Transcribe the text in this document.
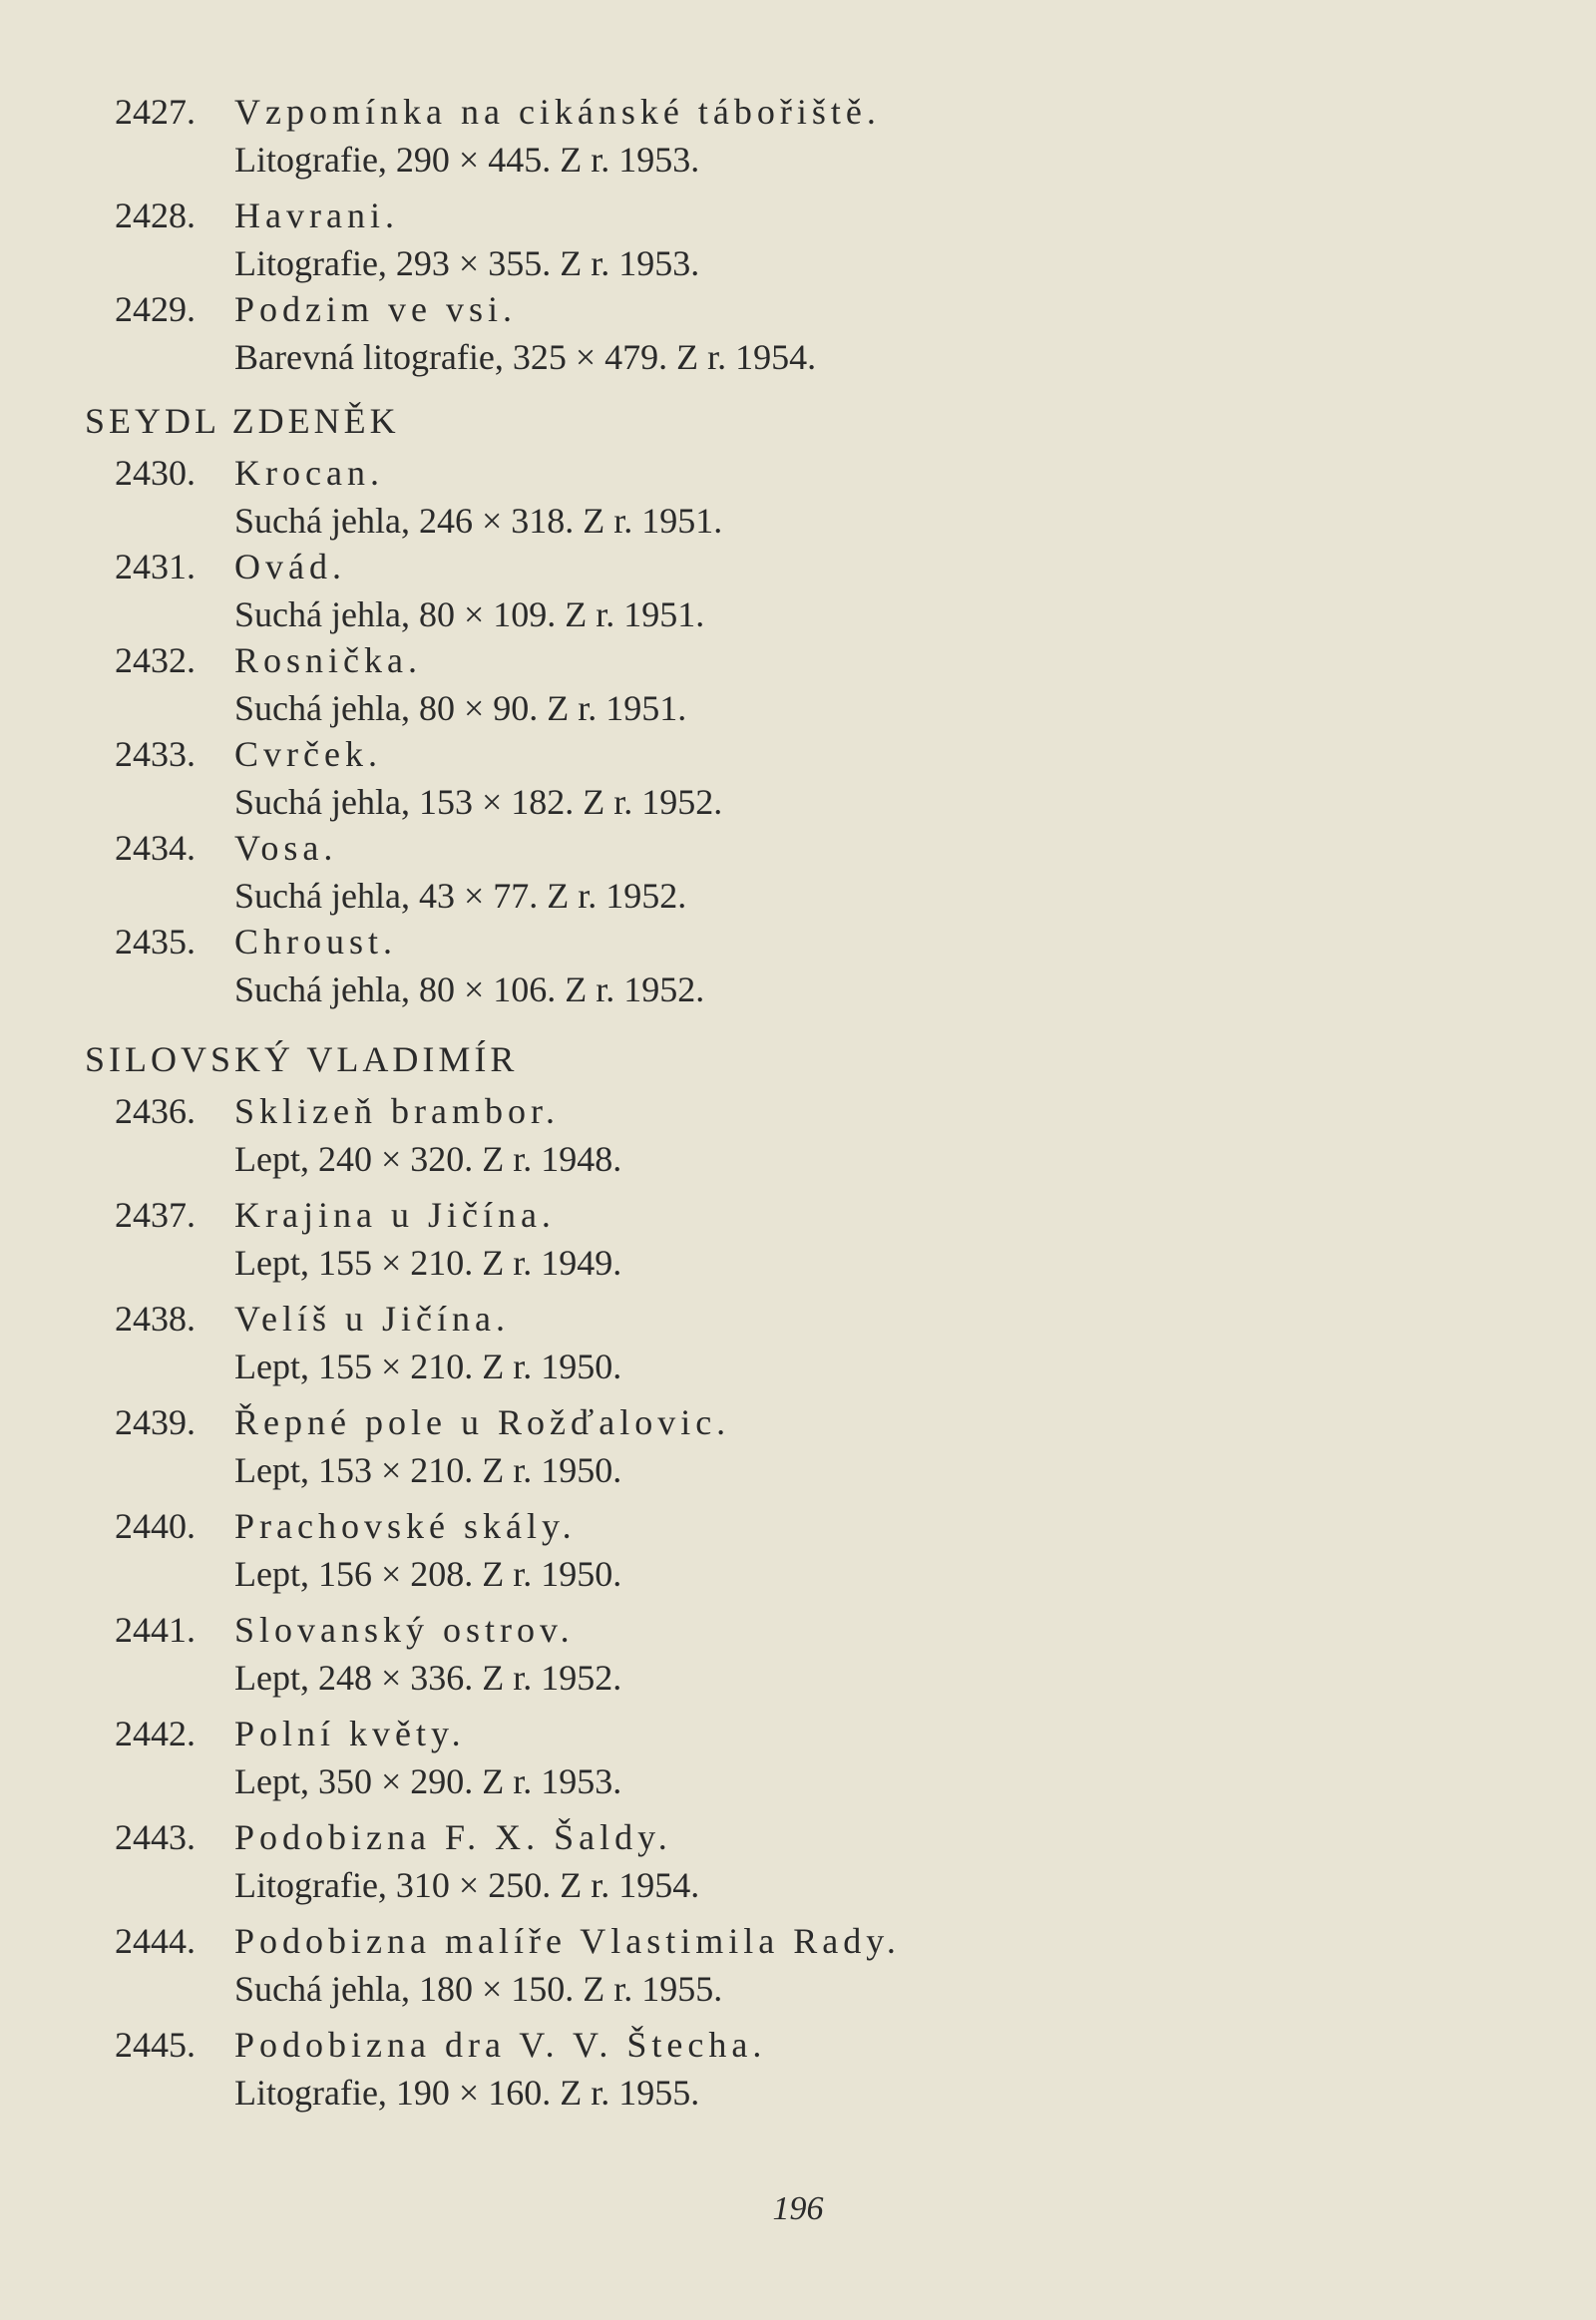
2427.	Vzpomínka na cikánské tábořiště.
Litografie, 290 × 445. Z r. 1953.
2428.	Havrani.
Litografie, 293 × 355. Z r. 1953.
2429.	Podzim ve vsi.
Barevná litografie, 325 × 479. Z r. 1954.
SEYDL ZDENĚK
2430.	Krocan.
Suchá jehla, 246 × 318. Z r. 1951.
2431.	Ovád.
Suchá jehla, 80 × 109. Z r. 1951.
2432.	Rosnička.
Suchá jehla, 80 × 90. Z r. 1951.
2433.	Cvrček.
Suchá jehla, 153 × 182. Z r. 1952.
2434.	Vosa.
Suchá jehla, 43 × 77. Z r. 1952.
2435.	Chroust.
Suchá jehla, 80 × 106. Z r. 1952.
SILOVSKÝ VLADIMÍR
2436.	Sklizeň brambor.
Lept, 240 × 320. Z r. 1948.
2437.	Krajina u Jičína.
Lept, 155 × 210. Z r. 1949.
2438.	Velíš u Jičína.
Lept, 155 × 210. Z r. 1950.
2439.	Řepné pole u Rožďalovic.
Lept, 153 × 210. Z r. 1950.
2440.	Prachovské skály.
Lept, 156 × 208. Z r. 1950.
2441.	Slovanský ostrov.
Lept, 248 × 336. Z r. 1952.
2442.	Polní květy.
Lept, 350 × 290. Z r. 1953.
2443.	Podobizna F. X. Šaldy.
Litografie, 310 × 250. Z r. 1954.
2444.	Podobizna malíře Vlastimila Rady.
Suchá jehla, 180 × 150. Z r. 1955.
2445.	Podobizna dra V. V. Štecha.
Litografie, 190 × 160. Z r. 1955.
196
